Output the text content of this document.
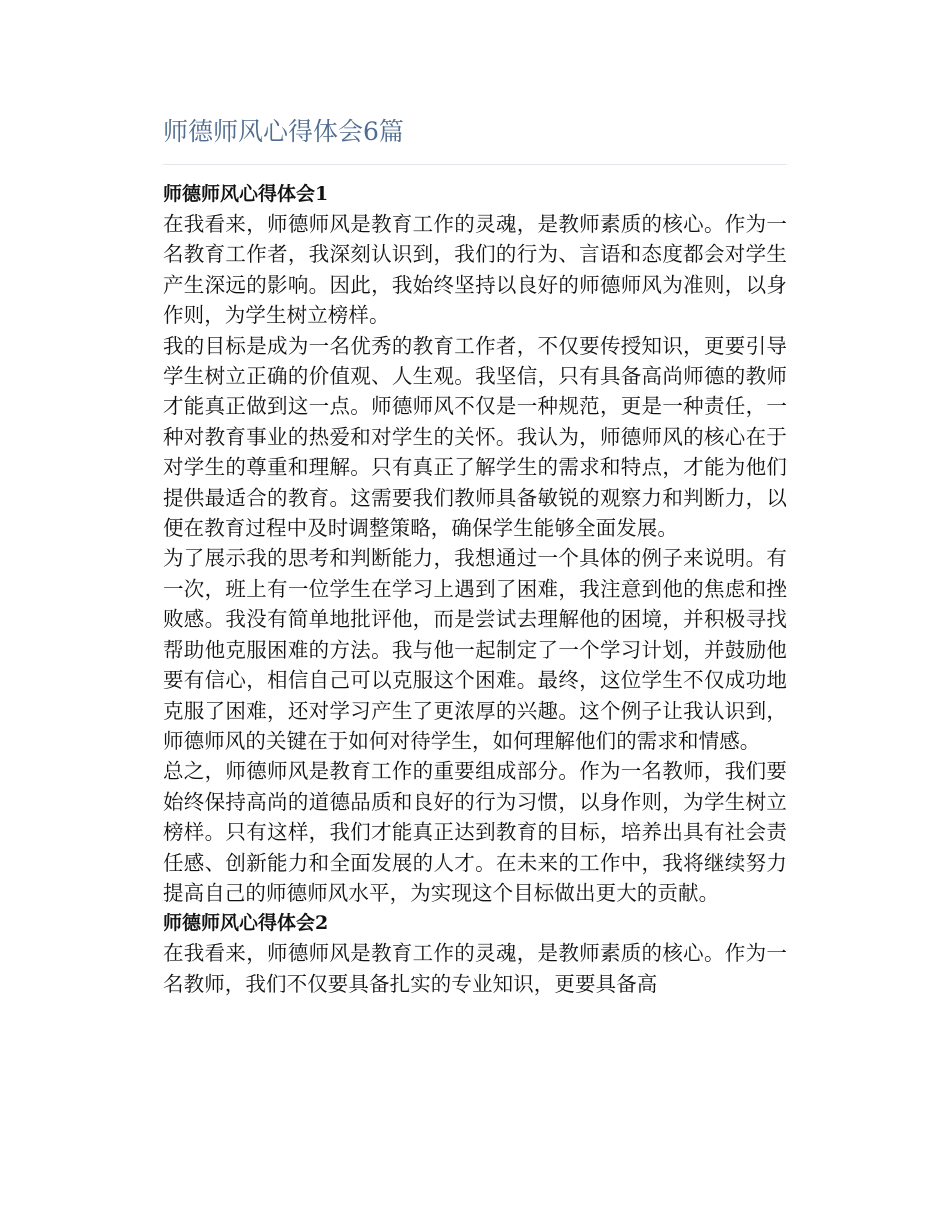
师德师风心得体会6篇
师德师风心得体会1

在我看来，师德师风是教育工作的灵魂，是教师素质的核心。作为一名教育工作者，我深刻认识到，我们的行为、言语和态度都会对学生产生深远的影响。因此，我始终坚持以良好的师德师风为准则，以身作则，为学生树立榜样。

我的目标是成为一名优秀的教育工作者，不仅要传授知识，更要引导学生树立正确的价值观、人生观。我坚信，只有具备高尚师德的教师才能真正做到这一点。师德师风不仅是一种规范，更是一种责任，一种对教育事业的热爱和对学生的关怀。我认为，师德师风的核心在于对学生的尊重和理解。只有真正了解学生的需求和特点，才能为他们提供最适合的教育。这需要我们教师具备敏锐的观察力和判断力，以便在教育过程中及时调整策略，确保学生能够全面发展。

为了展示我的思考和判断能力，我想通过一个具体的例子来说明。有一次，班上有一位学生在学习上遇到了困难，我注意到他的焦虑和挫败感。我没有简单地批评他，而是尝试去理解他的困境，并积极寻找帮助他克服困难的方法。我与他一起制定了一个学习计划，并鼓励他要有信心，相信自己可以克服这个困难。最终，这位学生不仅成功地克服了困难，还对学习产生了更浓厚的兴趣。这个例子让我认识到，师德师风的关键在于如何对待学生，如何理解他们的需求和情感。

总之，师德师风是教育工作的重要组成部分。作为一名教师，我们要始终保持高尚的道德品质和良好的行为习惯，以身作则，为学生树立榜样。只有这样，我们才能真正达到教育的目标，培养出具有社会责任感、创新能力和全面发展的人才。在未来的工作中，我将继续努力提高自己的师德师风水平，为实现这个目标做出更大的贡献。

师德师风心得体会2

在我看来，师德师风是教育工作的灵魂，是教师素质的核心。作为一名教师，我们不仅要具备扎实的专业知识，更要具备高
